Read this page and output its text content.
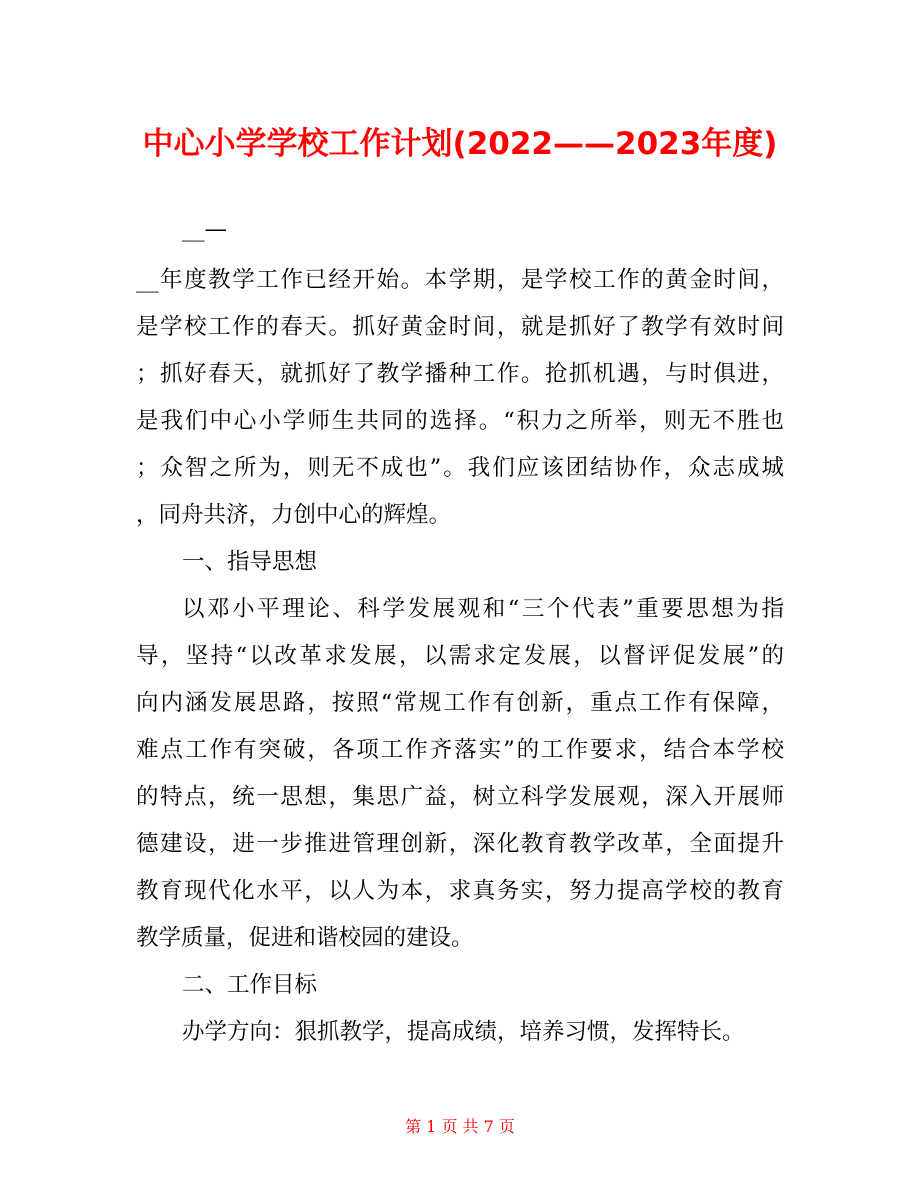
中心小学学校工作计划(2022——2023年度)
__—
__年度教学工作已经开始。本学期，是学校工作的黄金时间，
是学校工作的春天。抓好黄金时间，就是抓好了教学有效时间
；抓好春天，就抓好了教学播种工作。抢抓机遇，与时俱进，
是我们中心小学师生共同的选择。“积力之所举，则无不胜也
；众智之所为，则无不成也”。我们应该团结协作，众志成城
，同舟共济，力创中心的辉煌。
一、指导思想
以邓小平理论、科学发展观和“三个代表”重要思想为指
导，坚持“以改革求发展，以需求定发展，以督评促发展”的
向内涵发展思路，按照“常规工作有创新，重点工作有保障，
难点工作有突破，各项工作齐落实”的工作要求，结合本学校
的特点，统一思想，集思广益，树立科学发展观，深入开展师
德建设，进一步推进管理创新，深化教育教学改革，全面提升
教育现代化水平，以人为本，求真务实，努力提高学校的教育
教学质量，促进和谐校园的建设。
二、工作目标
办学方向：狠抓教学，提高成绩，培养习惯，发挥特长。
第 1 页 共 7 页
